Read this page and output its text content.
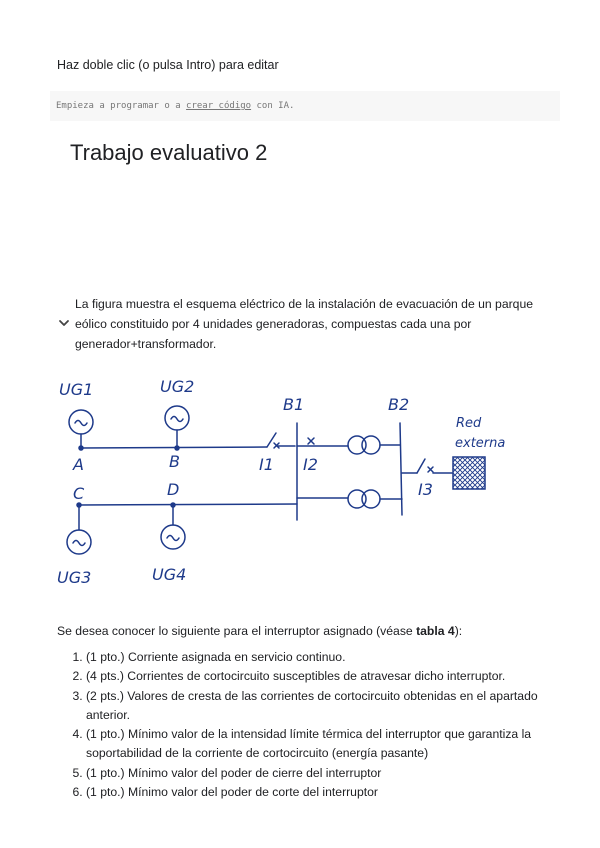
Haz doble clic (o pulsa Intro) para editar
Empieza a programar o a crear código con IA.
Trabajo evaluativo 2
La figura muestra el esquema eléctrico de la instalación de evacuación de un parque eólico constituido por 4 unidades generadoras, compuestas cada una por generador+transformador.
UG1	UG2
A	B
C	D
B1	B2
I1 I2
I3
UG3	UG4
Red
externa
Se desea conocer lo siguiente para el interruptor asignado (véase tabla 4):
1. (1 pto.) Corriente asignada en servicio continuo.
2. (4 pts.) Corrientes de cortocircuito susceptibles de atravesar dicho interruptor.
3. (2 pts.) Valores de cresta de las corrientes de cortocircuito obtenidas en el apartado anterior.
4. (1 pto.) Mínimo valor de la intensidad límite térmica del interruptor que garantiza la soportabilidad de la corriente de cortocircuito (energía pasante)
5. (1 pto.) Mínimo valor del poder de cierre del interruptor
6. (1 pto.) Mínimo valor del poder de corte del interruptor
